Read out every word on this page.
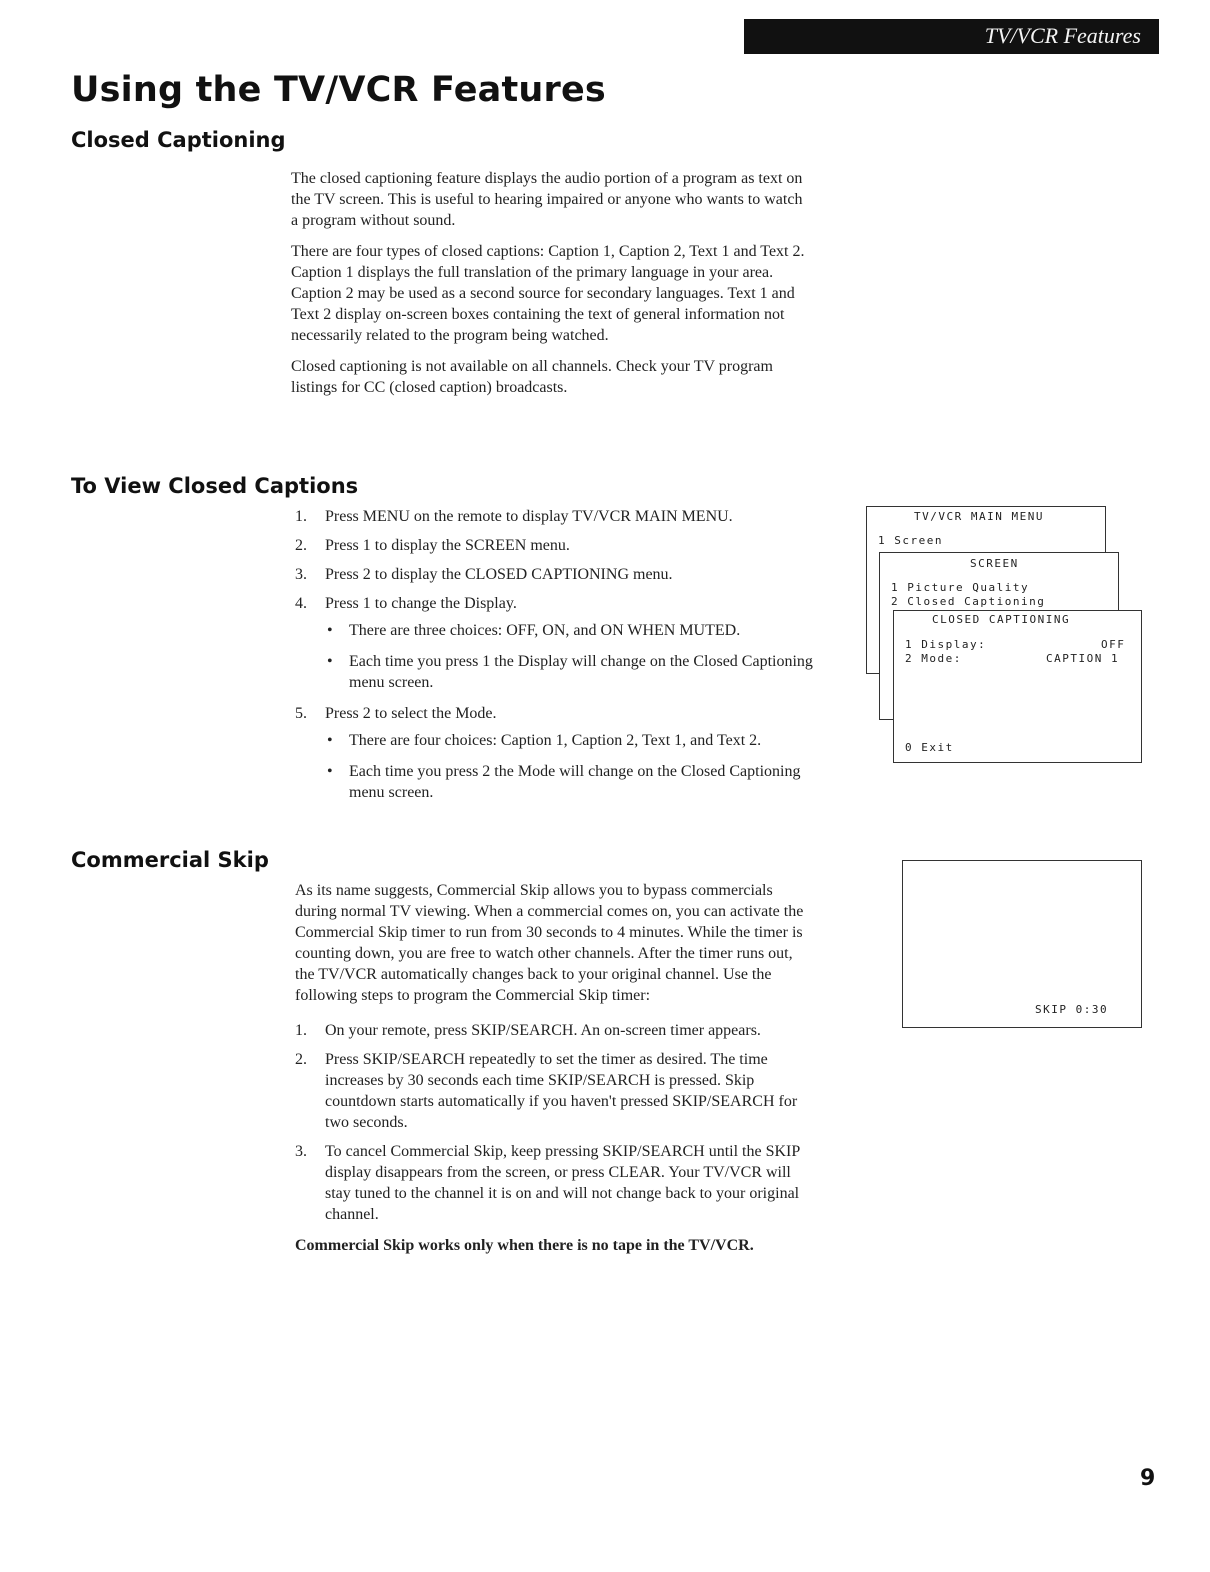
TV/VCR Features
Using the TV/VCR Features
Closed Captioning

The closed captioning feature displays the audio portion of a program as text on the TV screen. This is useful to hearing impaired or anyone who wants to watch a program without sound.

There are four types of closed captions: Caption 1, Caption 2, Text 1 and Text 2. Caption 1 displays the full translation of the primary language in your area. Caption 2 may be used as a second source for secondary languages. Text 1 and Text 2 display on-screen boxes containing the text of general information not necessarily related to the program being watched.

Closed captioning is not available on all channels. Check your TV program listings for CC (closed caption) broadcasts.

To View Closed Captions
1. Press MENU on the remote to display TV/VCR MAIN MENU.
2. Press 1 to display the SCREEN menu.
3. Press 2 to display the CLOSED CAPTIONING menu.
4. Press 1 to change the Display.
• There are three choices: OFF, ON, and ON WHEN MUTED.
• Each time you press 1 the Display will change on the Closed Captioning menu screen.
5. Press 2 to select the Mode.
• There are four choices: Caption 1, Caption 2, Text 1, and Text 2.
• Each time you press 2 the Mode will change on the Closed Captioning menu screen.
TV/VCR MAIN MENU
1 Screen
SCREEN
1 Picture Quality
2 Closed Captioning
CLOSED CAPTIONING
1 Display:	OFF
2 Mode:	CAPTION 1
0 Exit
Commercial Skip

As its name suggests, Commercial Skip allows you to bypass commercials during normal TV viewing. When a commercial comes on, you can activate the Commercial Skip timer to run from 30 seconds to 4 minutes. While the timer is counting down, you are free to watch other channels. After the timer runs out, the TV/VCR automatically changes back to your original channel. Use the following steps to program the Commercial Skip timer:

1. On your remote, press SKIP/SEARCH. An on-screen timer appears.
2. Press SKIP/SEARCH repeatedly to set the timer as desired. The time increases by 30 seconds each time SKIP/SEARCH is pressed. Skip countdown starts automatically if you haven't pressed SKIP/SEARCH for two seconds.
3. To cancel Commercial Skip, keep pressing SKIP/SEARCH until the SKIP display disappears from the screen, or press CLEAR. Your TV/VCR will stay tuned to the channel it is on and will not change back to your original channel.

Commercial Skip works only when there is no tape in the TV/VCR.

SKIP 0:30
9
